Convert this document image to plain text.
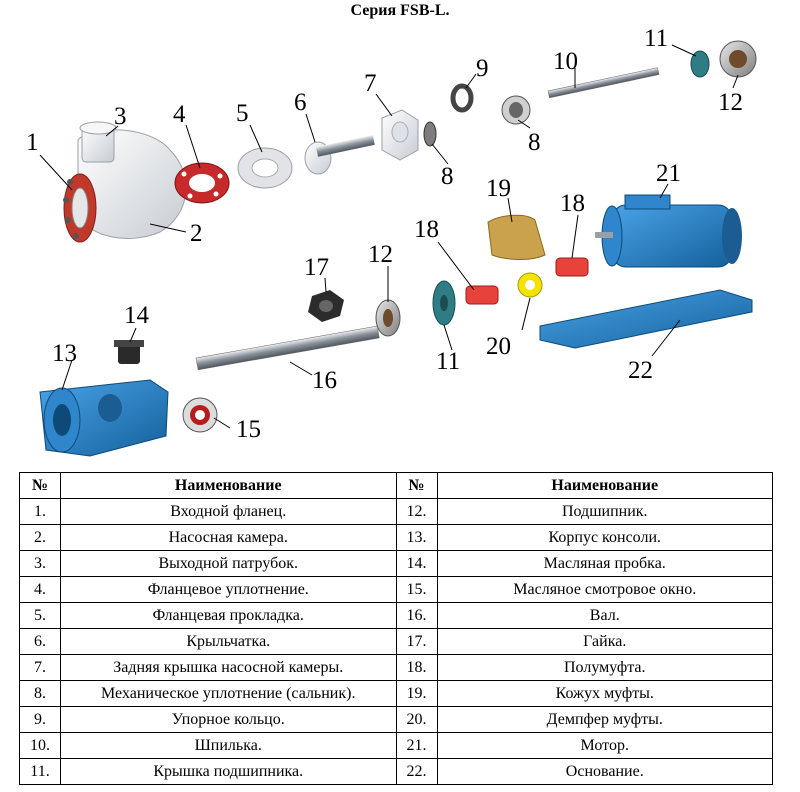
Серия FSB-L.
1
2
3 4 5 6
7
8
8
9	10
11
12
18
19
18
21
17 12
14
13
16
15
11
20
22
№	Наименование	№	Наименование
1.	Входной фланец.	12.	Подшипник.
2.	Насосная камера.	13.	Корпус консоли.
3.	Выходной патрубок.	14.	Масляная пробка.
4.	Фланцевое уплотнение.	15.	Масляное смотровое окно.
5.	Фланцевая прокладка.	16.	Вал.
6.	Крыльчатка.	17.	Гайка.
7.	Задняя крышка насосной камеры.	18.	Полумуфта.
8.	Механическое уплотнение (сальник).	19.	Кожух муфты.
9.	Упорное кольцо.	20.	Демпфер муфты.
10.	Шпилька.	21.	Мотор.
11.	Крышка подшипника.	22.	Основание.
